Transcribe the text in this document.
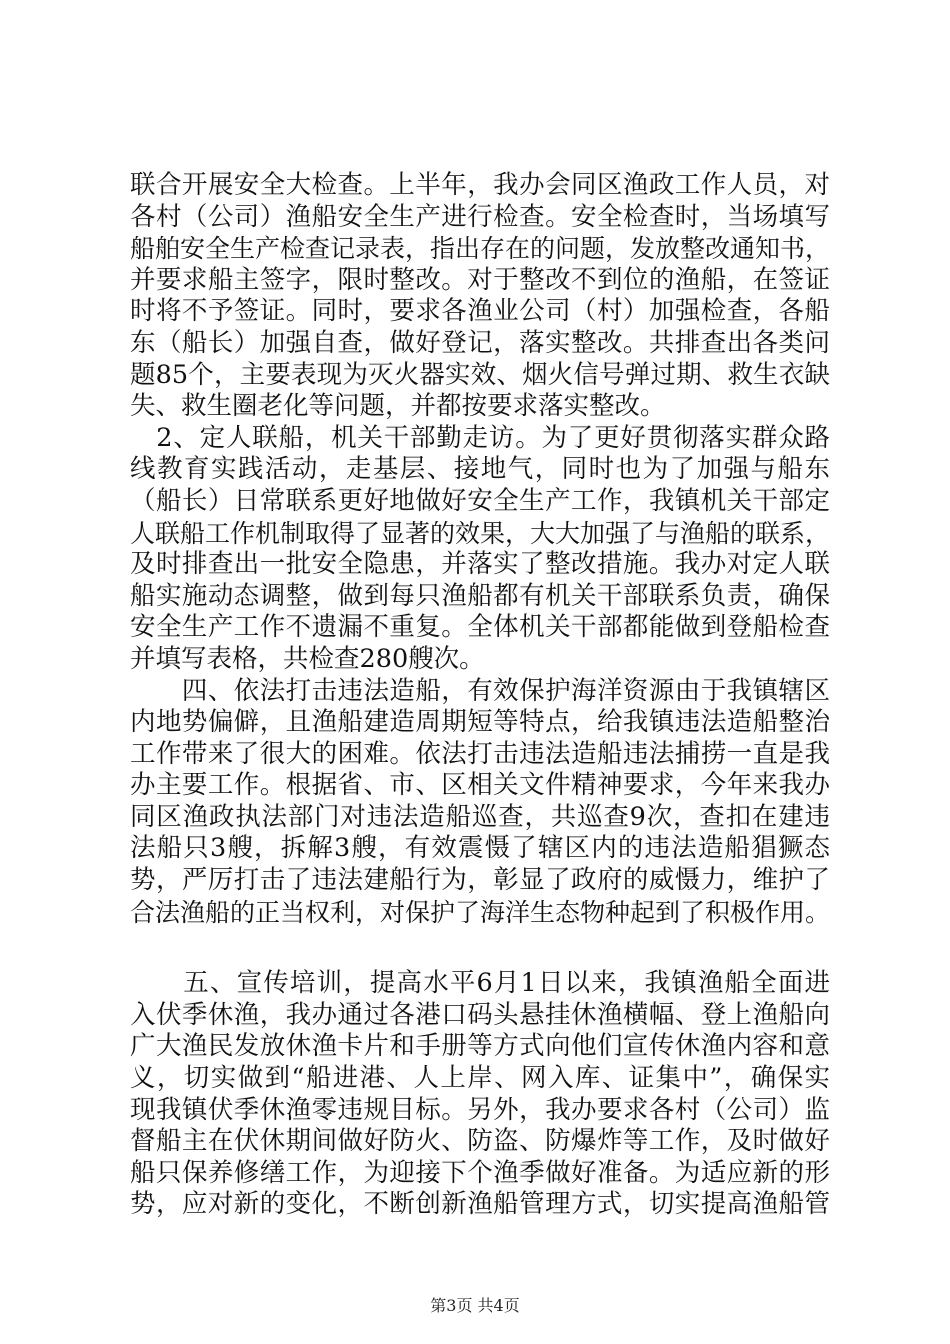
联合开展安全大检查。上半年，我办会同区渔政工作人员，对
各村（公司）渔船安全生产进行检查。安全检查时，当场填写
船舶安全生产检查记录表，指出存在的问题，发放整改通知书，
并要求船主签字，限时整改。对于整改不到位的渔船，在签证
时将不予签证。同时，要求各渔业公司（村）加强检查，各船
东（船长）加强自查，做好登记，落实整改。共排查出各类问
题85个，主要表现为灭火器实效、烟火信号弹过期、救生衣缺
失、救生圈老化等问题，并都按要求落实整改。
　2、定人联船，机关干部勤走访。为了更好贯彻落实群众路
线教育实践活动，走基层、接地气，同时也为了加强与船东
（船长）日常联系更好地做好安全生产工作，我镇机关干部定
人联船工作机制取得了显著的效果，大大加强了与渔船的联系，
及时排查出一批安全隐患，并落实了整改措施。我办对定人联
船实施动态调整，做到每只渔船都有机关干部联系负责，确保
安全生产工作不遗漏不重复。全体机关干部都能做到登船检查
并填写表格，共检查280艘次。
　　四、依法打击违法造船，有效保护海洋资源由于我镇辖区
内地势偏僻，且渔船建造周期短等特点，给我镇违法造船整治
工作带来了很大的困难。依法打击违法造船违法捕捞一直是我
办主要工作。根据省、市、区相关文件精神要求，今年来我办
同区渔政执法部门对违法造船巡查，共巡查9次，查扣在建违
法船只3艘，拆解3艘，有效震慑了辖区内的违法造船猖獗态
势，严厉打击了违法建船行为，彰显了政府的威慑力，维护了
合法渔船的正当权利，对保护了海洋生态物种起到了积极作用。
　　五、宣传培训，提高水平6月1日以来，我镇渔船全面进
入伏季休渔，我办通过各港口码头悬挂休渔横幅、登上渔船向
广大渔民发放休渔卡片和手册等方式向他们宣传休渔内容和意
义，切实做到“船进港、人上岸、网入库、证集中”，确保实
现我镇伏季休渔零违规目标。另外，我办要求各村（公司）监
督船主在伏休期间做好防火、防盗、防爆炸等工作，及时做好
船只保养修缮工作，为迎接下个渔季做好准备。为适应新的形
势，应对新的变化，不断创新渔船管理方式，切实提高渔船管
第3页 共4页
